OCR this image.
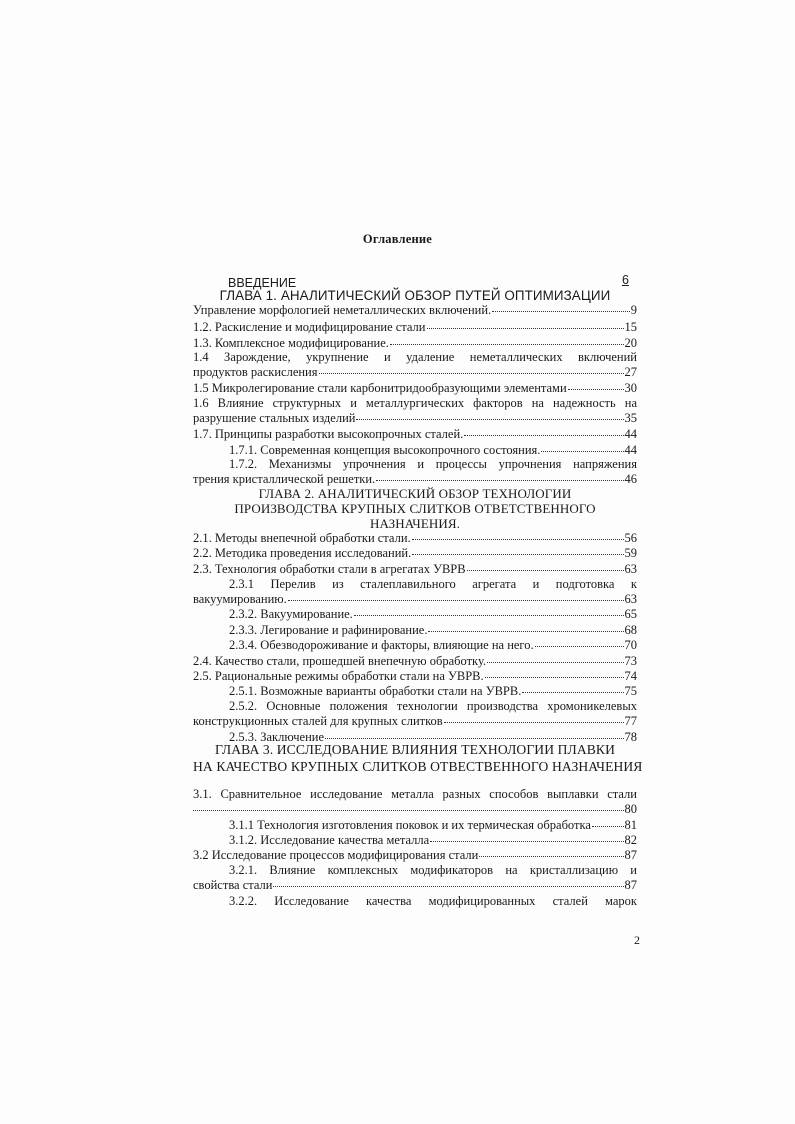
Оглавление
ВВЕДЕНИЕ	6
ГЛАВА 1. АНАЛИТИЧЕСКИЙ ОБЗОР ПУТЕЙ ОПТИМИЗАЦИИ
Управление морфологией неметаллических включений.	9
1.2. Раскисление и модифицирование стали	15
1.3. Комплексное модифицирование.	20
1.4 Зарождение, укрупнение и удаление неметаллических включений
продуктов раскисления	27
1.5 Микролегирование стали карбонитридообразующими элементами	30
1.6 Влияние структурных и металлургических факторов на надежность на
разрушение стальных изделий	35
1.7. Принципы разработки высокопрочных сталей.	44
1.7.1. Современная концепция высокопрочного состояния.	44
1.7.2. Механизмы упрочнения и процессы упрочнения напряжения
трения кристаллической решетки.	46
ГЛАВА 2. АНАЛИТИЧЕСКИЙ ОБЗОР ТЕХНОЛОГИИ
ПРОИЗВОДСТВА КРУПНЫХ СЛИТКОВ ОТВЕТСТВЕННОГО
НАЗНАЧЕНИЯ.
2.1. Методы внепечной обработки стали.	56
2.2. Методика проведения исследований.	59
2.3. Технология обработки стали в агрегатах УВРВ	63
2.3.1 Перелив из сталеплавильного агрегата и подготовка к
вакуумированию.	63
2.3.2. Вакуумирование.	65
2.3.3. Легирование и рафинирование.	68
2.3.4. Обезводороживание и факторы, влияющие на него.	70
2.4. Качество стали, прошедшей внепечную обработку.	73
2.5. Рациональные режимы обработки стали на УВРВ.	74
2.5.1. Возможные варианты обработки стали на УВРВ.	75
2.5.2. Основные положения технологии производства хромоникелевых
конструкционных сталей для крупных слитков	77
2.5.3. Заключение	78
ГЛАВА 3. ИССЛЕДОВАНИЕ ВЛИЯНИЯ ТЕХНОЛОГИИ ПЛАВКИ
НА КАЧЕСТВО КРУПНЫХ СЛИТКОВ ОТВЕСТВЕННОГО НАЗНАЧЕНИЯ
3.1. Сравнительное исследование металла разных способов выплавки стали
80
3.1.1 Технология изготовления поковок и их термическая обработка	81
3.1.2. Исследование качества металла	82
3.2 Исследование процессов модифицирования стали	87
3.2.1. Влияние комплексных модификаторов на кристаллизацию и
свойства стали	87
3.2.2. Исследование качества модифицированных сталей марок
2
